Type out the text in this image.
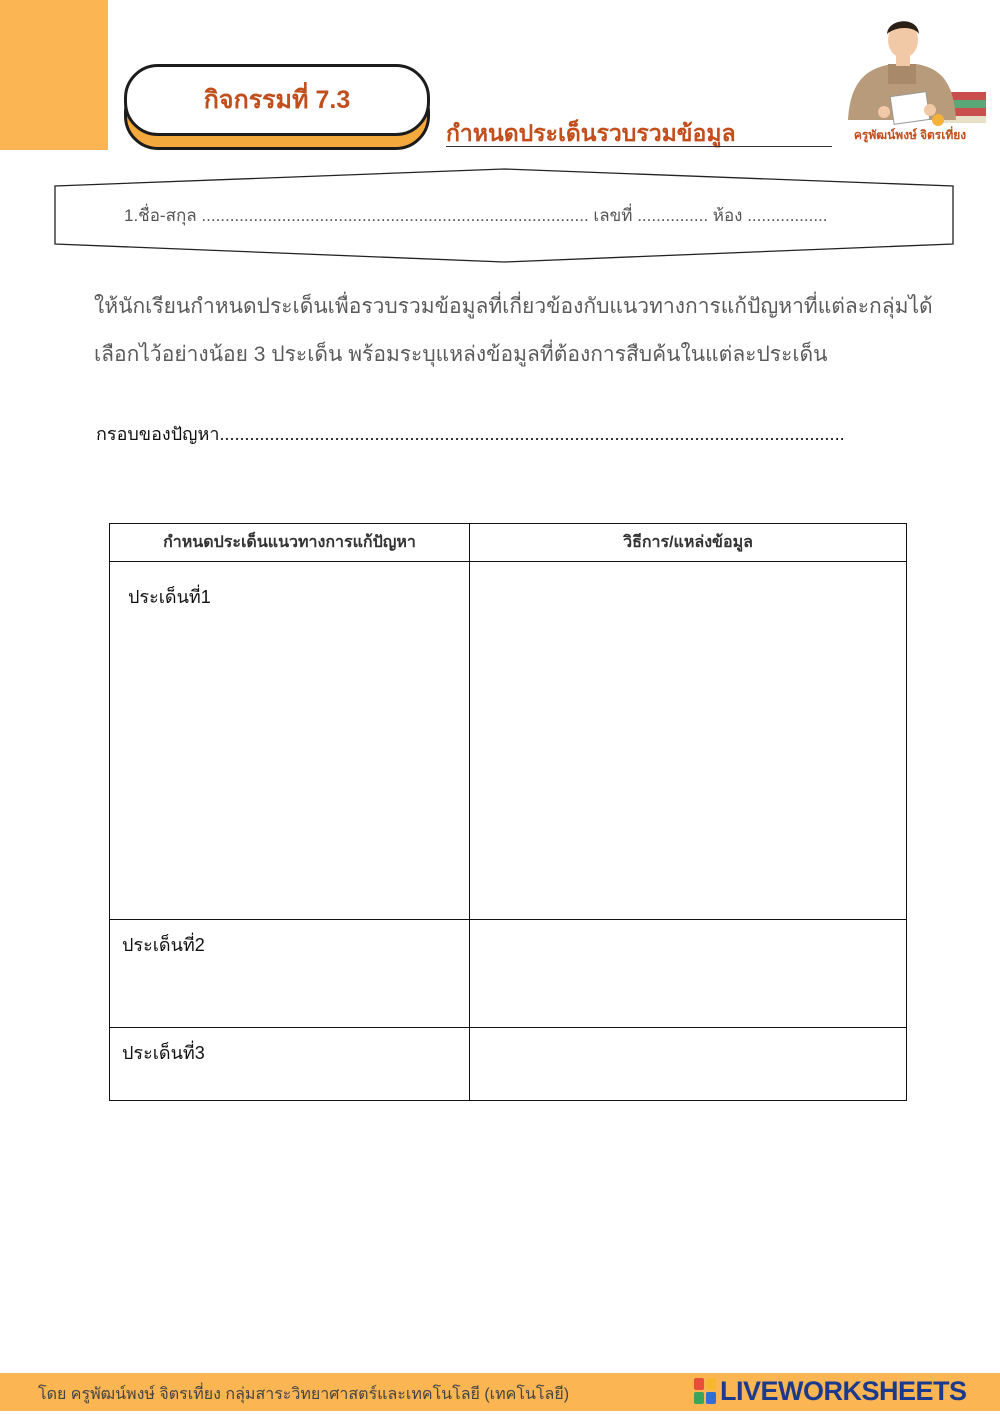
กิจกรรมที่ 7.3
กำหนดประเด็นรวบรวมข้อมูล	ครูพัฒน์พงษ์ จิตรเที่ยง
1.ชื่อ-สกุล .................................................................................. เลขที่ ............... ห้อง .................
ให้นักเรียนกำหนดประเด็นเพื่อรวบรวมข้อมูลที่เกี่ยวข้องกับแนวทางการแก้ปัญหาที่แต่ละกลุ่มได้
เลือกไว้อย่างน้อย 3 ประเด็น พร้อมระบุแหล่งข้อมูลที่ต้องการสืบค้นในแต่ละประเด็น
กรอบของปัญหา.............................................................................................................................
กำหนดประเด็นแนวทางการแก้ปัญหา	วิธีการ/แหล่งข้อมูล

ประเด็นที่1	

ประเด็นที่2	

ประเด็นที่3	

โดย ครูพัฒน์พงษ์ จิตรเที่ยง กลุ่มสาระวิทยาศาสตร์และเทคโนโลยี (เทคโนโลยี)	LIVEWORKSHEETS
